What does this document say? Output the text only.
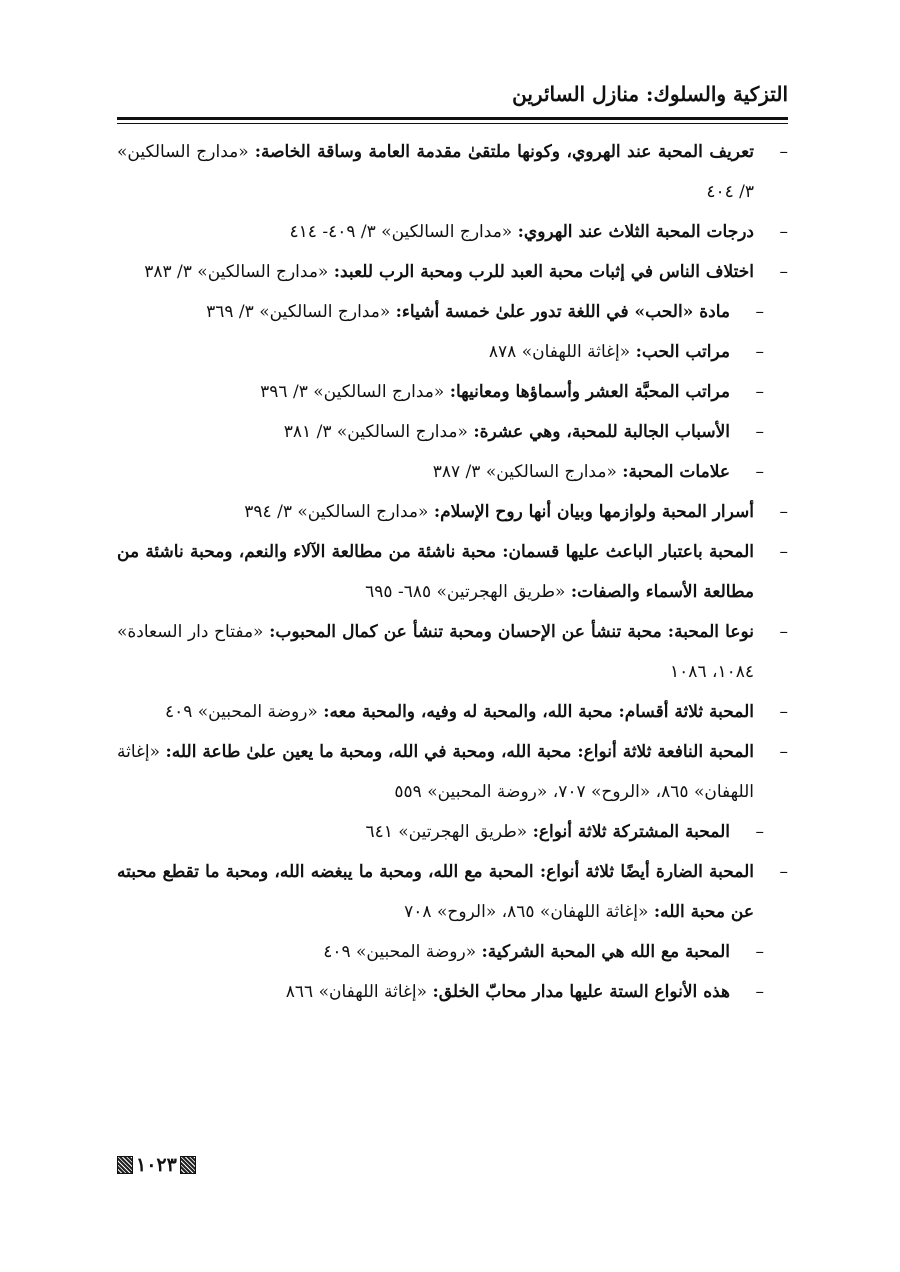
التزكية والسلوك: منازل السائرين
–
تعريف المحبة عند الهروي، وكونها ملتقىٰ مقدمة العامة وساقة الخاصة: «مدارج السالكين» ٣/ ٤٠٤
–
درجات المحبة الثلاث عند الهروي: «مدارج السالكين» ٣/ ٤٠٩- ٤١٤
–
اختلاف الناس في إثبات محبة العبد للرب ومحبة الرب للعبد: «مدارج السالكين» ٣/ ٣٨٣
–
مادة «الحب» في اللغة تدور علىٰ خمسة أشياء: «مدارج السالكين» ٣/ ٣٦٩
–
مراتب الحب: «إغاثة اللهفان» ٨٧٨
–
مراتب المحبَّة العشر وأسماؤها ومعانيها: «مدارج السالكين» ٣/ ٣٩٦
–
الأسباب الجالبة للمحبة، وهي عشرة: «مدارج السالكين» ٣/ ٣٨١
–
علامات المحبة: «مدارج السالكين» ٣/ ٣٨٧
–
أسرار المحبة ولوازمها وبيان أنها روح الإسلام: «مدارج السالكين» ٣/ ٣٩٤
–
المحبة باعتبار الباعث عليها قسمان: محبة ناشئة من مطالعة الآلاء والنعم، ومحبة ناشئة من مطالعة الأسماء والصفات: «طريق الهجرتين» ٦٨٥- ٦٩٥
–
نوعا المحبة: محبة تنشأ عن الإحسان ومحبة تنشأ عن كمال المحبوب: «مفتاح دار السعادة» ١٠٨٤، ١٠٨٦
–
المحبة ثلاثة أقسام: محبة الله، والمحبة له وفيه، والمحبة معه: «روضة المحبين» ٤٠٩
–
المحبة النافعة ثلاثة أنواع: محبة الله، ومحبة في الله، ومحبة ما يعين علىٰ طاعة الله: «إغاثة اللهفان» ٨٦٥، «الروح» ٧٠٧، «روضة المحبين» ٥٥٩
–
المحبة المشتركة ثلاثة أنواع: «طريق الهجرتين» ٦٤١
–
المحبة الضارة أيضًا ثلاثة أنواع: المحبة مع الله، ومحبة ما يبغضه الله، ومحبة ما تقطع محبته عن محبة الله: «إغاثة اللهفان» ٨٦٥، «الروح» ٧٠٨
–
المحبة مع الله هي المحبة الشركية: «روضة المحبين» ٤٠٩
–
هذه الأنواع الستة عليها مدار محابّ الخلق: «إغاثة اللهفان» ٨٦٦
١٠٢٣
